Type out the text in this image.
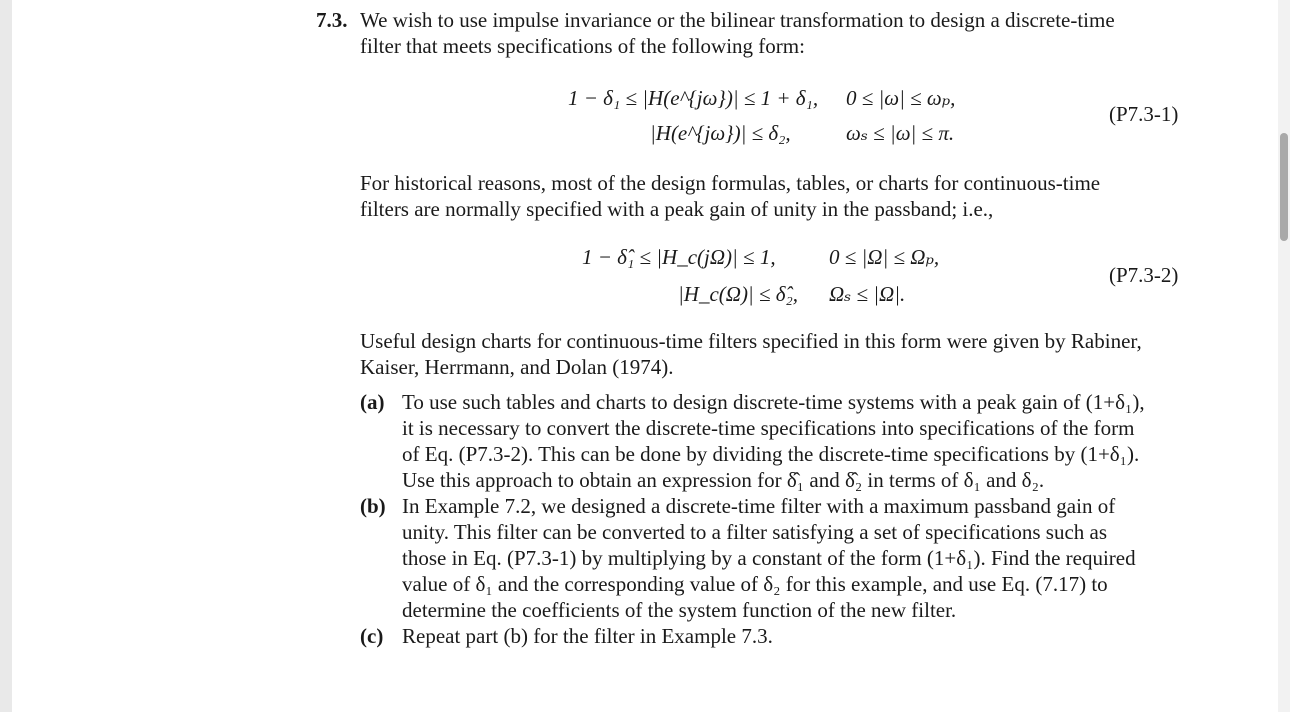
7.3. We wish to use impulse invariance or the bilinear transformation to design a discrete-time
filter that meets specifications of the following form:
1 − δ₁ ≤ |H(e^{jω})| ≤ 1 + δ₁, 0 ≤ |ω| ≤ ωₚ,
|H(e^{jω})| ≤ δ₂,	ωₛ ≤ |ω| ≤ π.
(P7.3-1)
For historical reasons, most of the design formulas, tables, or charts for continuous-time
filters are normally specified with a peak gain of unity in the passband; i.e.,
1 − δ̂₁ ≤ |H_c(jΩ)| ≤ 1,	0 ≤ |Ω| ≤ Ωₚ,
|H_c(Ω)| ≤ δ̂₂, Ωₛ ≤ |Ω|.
(P7.3-2)
Useful design charts for continuous-time filters specified in this form were given by Rabiner,
Kaiser, Herrmann, and Dolan (1974).
(a) To use such tables and charts to design discrete-time systems with a peak gain of (1+δ₁),
it is necessary to convert the discrete-time specifications into specifications of the form
of Eq. (P7.3-2). This can be done by dividing the discrete-time specifications by (1+δ₁).
Use this approach to obtain an expression for δ̂₁ and δ̂₂ in terms of δ₁ and δ₂.
(b) In Example 7.2, we designed a discrete-time filter with a maximum passband gain of
unity. This filter can be converted to a filter satisfying a set of specifications such as
those in Eq. (P7.3-1) by multiplying by a constant of the form (1+δ₁). Find the required
value of δ₁ and the corresponding value of δ₂ for this example, and use Eq. (7.17) to
determine the coefficients of the system function of the new filter.
(c) Repeat part (b) for the filter in Example 7.3.
